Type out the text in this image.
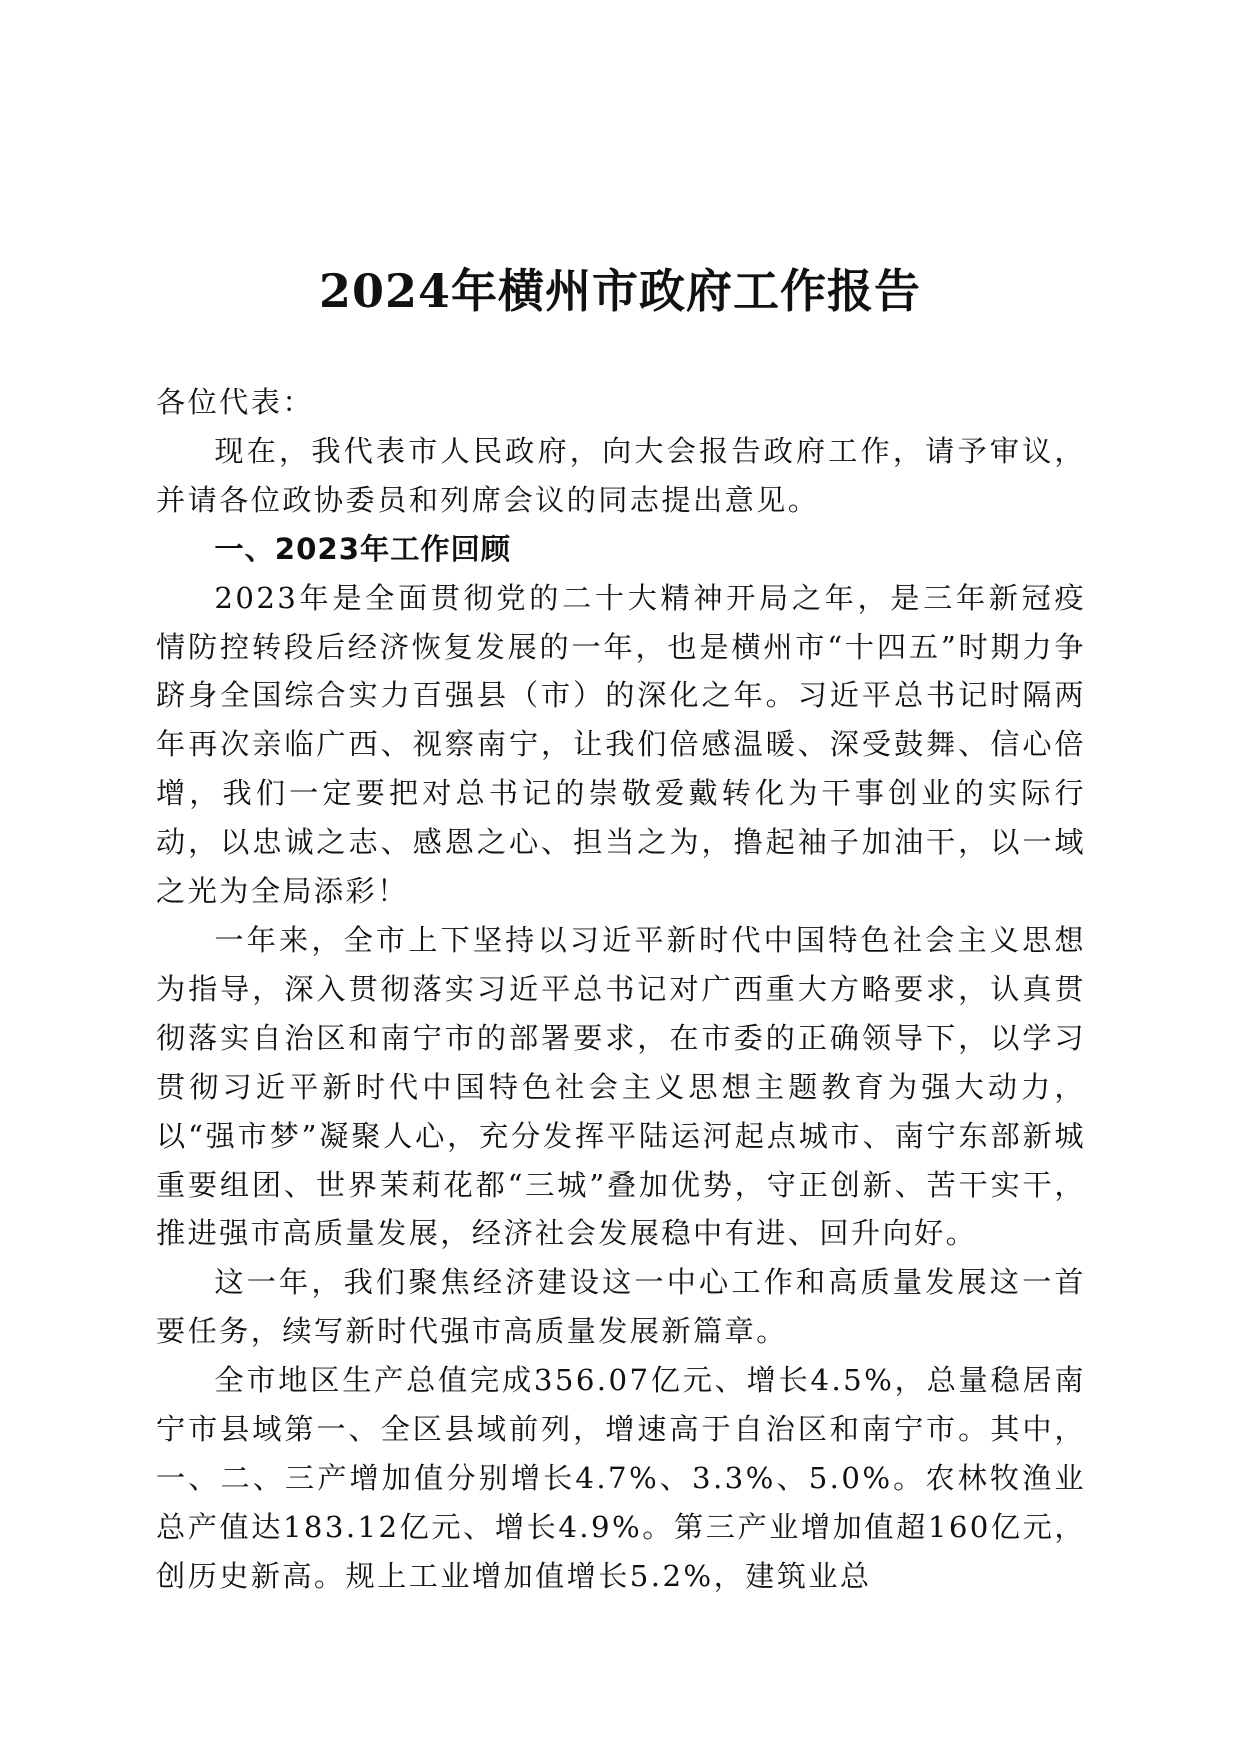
2024年横州市政府工作报告

各位代表：

现在，我代表市人民政府，向大会报告政府工作，请予审议，并请各位政协委员和列席会议的同志提出意见。

一、2023年工作回顾

2023年是全面贯彻党的二十大精神开局之年，是三年新冠疫情防控转段后经济恢复发展的一年，也是横州市“十四五”时期力争跻身全国综合实力百强县（市）的深化之年。习近平总书记时隔两年再次亲临广西、视察南宁，让我们倍感温暖、深受鼓舞、信心倍增，我们一定要把对总书记的崇敬爱戴转化为干事创业的实际行动，以忠诚之志、感恩之心、担当之为，撸起袖子加油干，以一域之光为全局添彩！

一年来，全市上下坚持以习近平新时代中国特色社会主义思想为指导，深入贯彻落实习近平总书记对广西重大方略要求，认真贯彻落实自治区和南宁市的部署要求，在市委的正确领导下，以学习贯彻习近平新时代中国特色社会主义思想主题教育为强大动力，以“强市梦”凝聚人心，充分发挥平陆运河起点城市、南宁东部新城重要组团、世界茉莉花都“三城”叠加优势，守正创新、苦干实干，推进强市高质量发展，经济社会发展稳中有进、回升向好。

这一年，我们聚焦经济建设这一中心工作和高质量发展这一首要任务，续写新时代强市高质量发展新篇章。

全市地区生产总值完成356.07亿元、增长4.5%，总量稳居南宁市县域第一、全区县域前列，增速高于自治区和南宁市。其中，一、二、三产增加值分别增长4.7%、3.3%、5.0%。农林牧渔业总产值达183.12亿元、增长4.9%。第三产业增加值超160亿元，创历史新高。规上工业增加值增长5.2%，建筑业总
